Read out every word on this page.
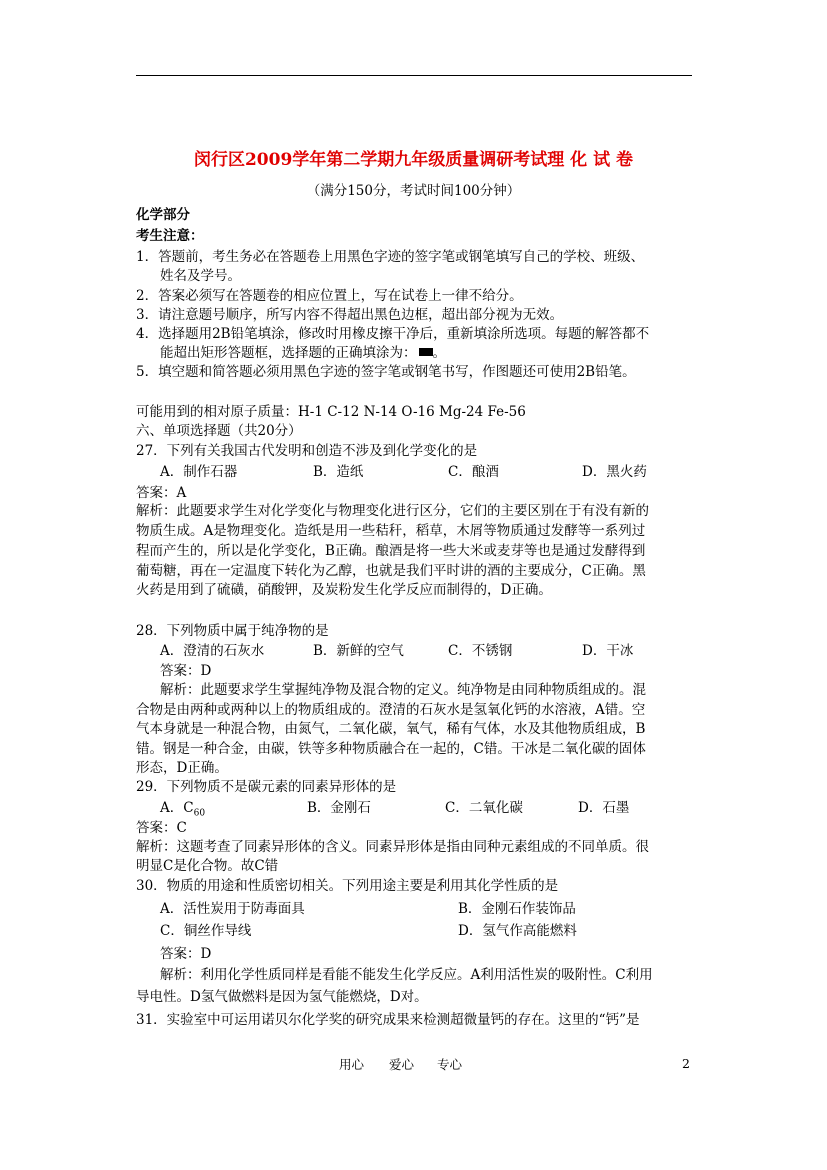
闵行区2009学年第二学期九年级质量调研考试理 化 试 卷
（满分150分，考试时间100分钟）
化学部分
考生注意：
1．答题前，考生务必在答题卷上用黑色字迹的签字笔或钢笔填写自己的学校、班级、
姓名及学号。
2．答案必须写在答题卷的相应位置上，写在试卷上一律不给分。
3．请注意题号顺序，所写内容不得超出黑色边框，超出部分视为无效。
4．选择题用2B铅笔填涂，修改时用橡皮擦干净后，重新填涂所选项。每题的解答都不
能超出矩形答题框，选择题的正确填涂为： 。
5．填空题和简答题必须用黑色字迹的签字笔或钢笔书写，作图题还可使用2B铅笔。
可能用到的相对原子质量：H-1 C-12 N-14 O-16 Mg-24 Fe-56
六、单项选择题（共20分）
27．下列有关我国古代发明和创造不涉及到化学变化的是
A．制作石器	B．造纸	C．酿酒	D．黑火药
答案：A
解析：此题要求学生对化学变化与物理变化进行区分，它们的主要区别在于有没有新的
物质生成。A是物理变化。造纸是用一些秸秆，稻草，木屑等物质通过发酵等一系列过
程而产生的，所以是化学变化，B正确。酿酒是将一些大米或麦芽等也是通过发酵得到
葡萄糖，再在一定温度下转化为乙醇，也就是我们平时讲的酒的主要成分，C正确。黑
火药是用到了硫磺，硝酸钾，及炭粉发生化学反应而制得的，D正确。
28．下列物质中属于纯净物的是
A．澄清的石灰水	B．新鲜的空气	C．不锈钢	D．干冰
答案：D
解析：此题要求学生掌握纯净物及混合物的定义。纯净物是由同种物质组成的。混
合物是由两种或两种以上的物质组成的。澄清的石灰水是氢氧化钙的水溶液，A错。空
气本身就是一种混合物，由氮气，二氧化碳，氧气，稀有气体，水及其他物质组成，B
错。钢是一种合金，由碳，铁等多种物质融合在一起的，C错。干冰是二氧化碳的固体
形态，D正确。
29．下列物质不是碳元素的同素异形体的是
A．$C_{60}$	B．金刚石	C．二氧化碳	D．石墨
答案：C
解析：这题考查了同素异形体的含义。同素异形体是指由同种元素组成的不同单质。很
明显C是化合物。故C错
30．物质的用途和性质密切相关。下列用途主要是利用其化学性质的是
A．活性炭用于防毒面具	B．金刚石作装饰品
C．铜丝作导线	D．氢气作高能燃料
答案：D
解析：利用化学性质同样是看能不能发生化学反应。A利用活性炭的吸附性。C利用
导电性。D氢气做燃料是因为氢气能燃烧，D对。
31．实验室中可运用诺贝尔化学奖的研究成果来检测超微量钙的存在。这里的“钙”是
用心 爱心 专心	2
